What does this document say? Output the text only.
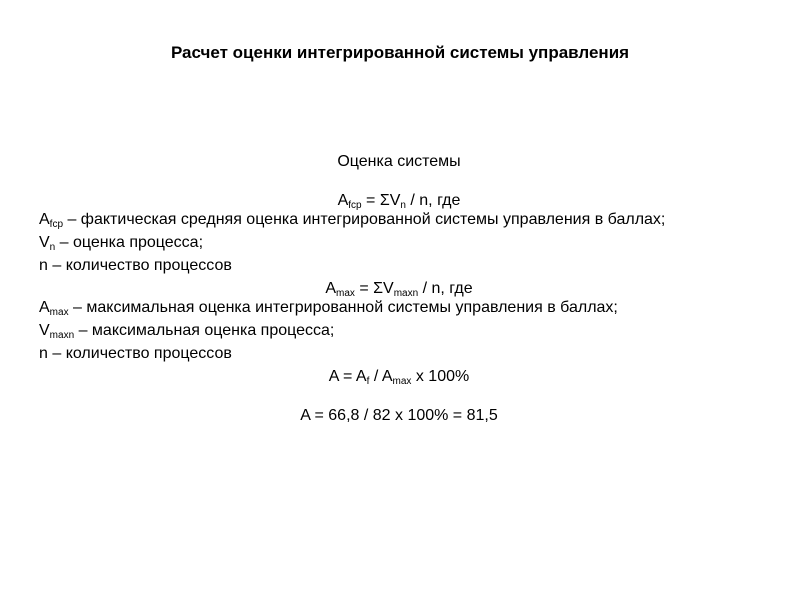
Расчет оценки интегрированной системы управления

Оценка системы

$A_{fcp} = \Sigma V_n / n$, где

$A_{fcp}$ – фактическая средняя оценка интегрированной системы управления в баллах;

$V_n$ – оценка процесса;

n – количество процессов

$A_{max} = \Sigma V_{maxn} / n$, где

$A_{max}$ – максимальная оценка интегрированной системы управления в баллах;

$V_{maxn}$ – максимальная оценка процесса;

n – количество процессов

$A = A_f / A_{max}$ x 100%

A = 66,8 / 82 x 100% = 81,5
